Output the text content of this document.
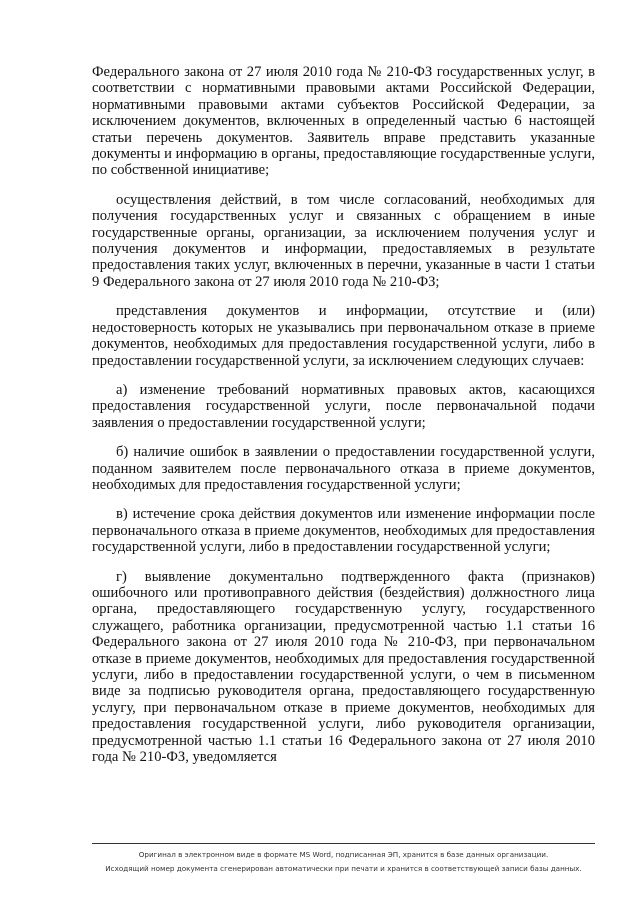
Федерального закона от 27 июля 2010 года № 210-ФЗ государственных услуг, в соответствии с нормативными правовыми актами Российской Федерации, нормативными правовыми актами субъектов Российской Федерации, за исключением документов, включенных в определенный частью 6 настоящей статьи перечень документов. Заявитель вправе представить указанные документы и информацию в органы, предоставляющие государственные услуги, по собственной инициативе;

осуществления действий, в том числе согласований, необходимых для получения государственных услуг и связанных с обращением в иные государственные органы, организации, за исключением получения услуг и получения документов и информации, предоставляемых в результате предоставления таких услуг, включенных в перечни, указанные в части 1 статьи 9 Федерального закона от 27 июля 2010 года № 210-ФЗ;

представления документов и информации, отсутствие и (или) недостоверность которых не указывались при первоначальном отказе в приеме документов, необходимых для предоставления государственной услуги, либо в предоставлении государственной услуги, за исключением следующих случаев:

а) изменение требований нормативных правовых актов, касающихся предоставления государственной услуги, после первоначальной подачи заявления о предоставлении государственной услуги;

б) наличие ошибок в заявлении о предоставлении государственной услуги, поданном заявителем после первоначального отказа в приеме документов, необходимых для предоставления государственной услуги;

в) истечение срока действия документов или изменение информации после первоначального отказа в приеме документов, необходимых для предоставления государственной услуги, либо в предоставлении государственной услуги;

г) выявление документально подтвержденного факта (признаков) ошибочного или противоправного действия (бездействия) должностного лица органа, предоставляющего государственную услугу, государственного служащего, работника организации, предусмотренной частью 1.1 статьи 16 Федерального закона от 27 июля 2010 года № 210-ФЗ, при первоначальном отказе в приеме документов, необходимых для предоставления государственной услуги, либо в предоставлении государственной услуги, о чем в письменном виде за подписью руководителя органа, предоставляющего государственную услугу, при первоначальном отказе в приеме документов, необходимых для предоставления государственной услуги, либо руководителя организации, предусмотренной частью 1.1 статьи 16 Федерального закона от 27 июля 2010 года № 210-ФЗ, уведомляется

Оригинал в электронном виде в формате MS Word, подписанная ЭП, хранится в базе данных организации.
Исходящий номер документа сгенерирован автоматически при печати и хранится в соответствующей записи базы данных.
